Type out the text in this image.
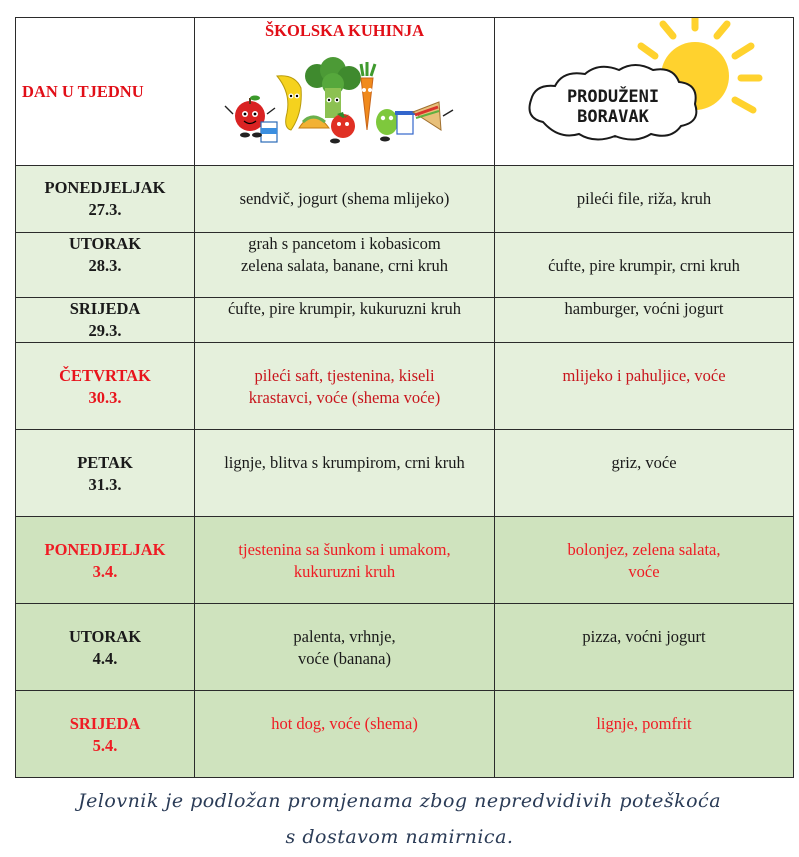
DAN U TJEDNU	ŠKOLSKA KUHINJA	PRODUŽENI
BORAVAK

PONEDJELJAK
27.3.	sendvič, jogurt (shema mlijeko)	pileći file, riža, kruh
UTORAK
28.3.	grah s pancetom i kobasicom
zelena salata, banane, crni kruh	ćufte, pire krumpir, crni kruh
SRIJEDA
29.3.	ćufte, pire krumpir, kukuruzni kruh	hamburger, voćni jogurt
ČETVRTAK
30.3.	pileći saft, tjestenina, kiseli
krastavci, voće (shema voće)	mlijeko i pahuljice, voće
PETAK
31.3.	lignje, blitva s krumpirom, crni kruh	griz, voće
PONEDJELJAK
3.4.	tjestenina sa šunkom i umakom,
kukuruzni kruh	bolonjez, zelena salata,
voće
UTORAK
4.4.	palenta, vrhnje,
voće (banana)	pizza, voćni jogurt
SRIJEDA
5.4.	hot dog, voće (shema)	lignje, pomfrit
Jelovnik je podložan promjenama zbog nepredvidivih poteškoća
s dostavom namirnica.
